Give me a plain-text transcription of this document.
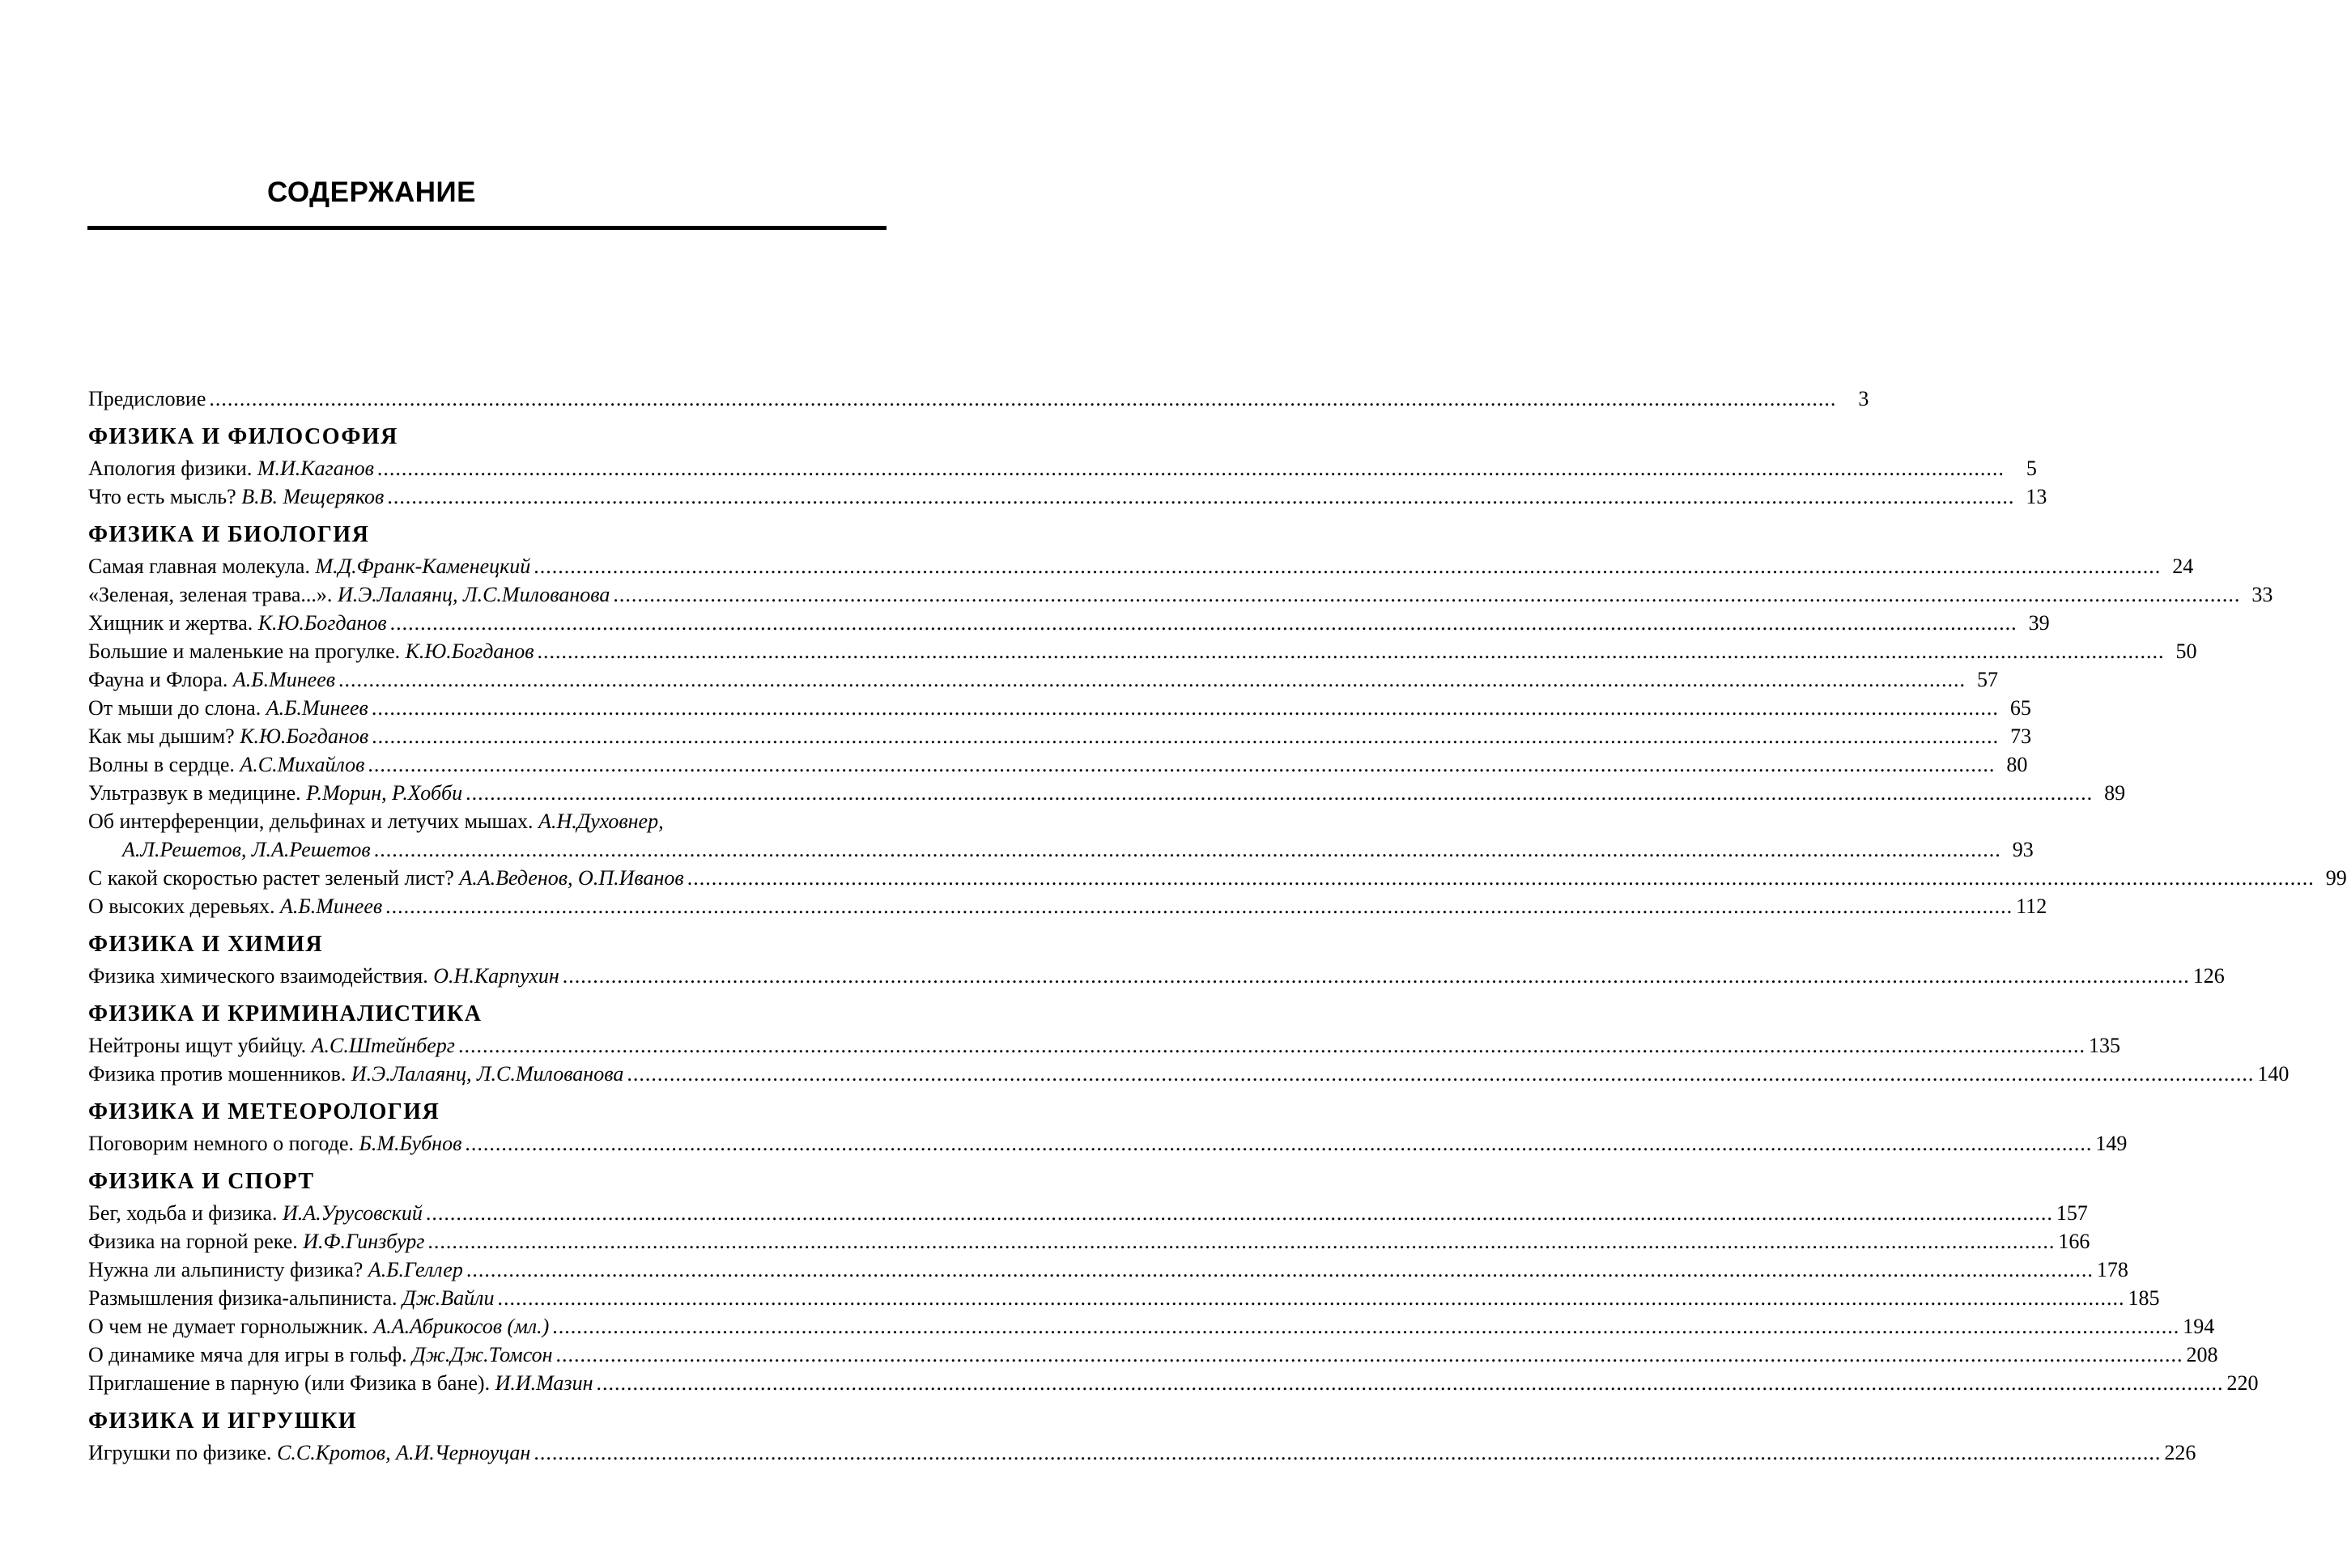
СОДЕРЖАНИЕ
Предисловие .....	3
ФИЗИКА И ФИЛОСОФИЯ
Апология физики. М.И.Каганов .....	5
Что есть мысль? В.В. Мещеряков .....	13
ФИЗИКА И БИОЛОГИЯ
Самая главная молекула. М.Д.Франк-Каменецкий .....	24
«Зеленая, зеленая трава...». И.Э.Лалаянц, Л.С.Милованова .....	33
Хищник и жертва. К.Ю.Богданов .....	39
Большие и маленькие на прогулке. К.Ю.Богданов .....	50
Фауна и Флора. А.Б.Минеев .....	57
От мыши до слона. А.Б.Минеев .....	65
Как мы дышим? К.Ю.Богданов .....	73
Волны в сердце. А.С.Михайлов .....	80
Ультразвук в медицине. Р.Морин, Р.Хобби .....	89
Об интерференции, дельфинах и летучих мышах. А.Н.Духовнер,
А.Л.Решетов, Л.А.Решетов .....	93
С какой скоростью растет зеленый лист? А.А.Веденов, О.П.Иванов .....	99
О высоких деревьях. А.Б.Минеев .....	112
ФИЗИКА И ХИМИЯ
Физика химического взаимодействия. О.Н.Карпухин .....	126
ФИЗИКА И КРИМИНАЛИСТИКА
Нейтроны ищут убийцу. А.С.Штейнберг .....	135
Физика против мошенников. И.Э.Лалаянц, Л.С.Милованова .....	140
ФИЗИКА И МЕТЕОРОЛОГИЯ
Поговорим немного о погоде. Б.М.Бубнов .....	149
ФИЗИКА И СПОРТ
Бег, ходьба и физика. И.А.Урусовский .....	157
Физика на горной реке. И.Ф.Гинзбург .....	166
Нужна ли альпинисту физика? А.Б.Геллер .....	178
Размышления физика-альпиниста. Дж.Вайли .....	185
О чем не думает горнолыжник. А.А.Абрикосов (мл.) .....	194
О динамике мяча для игры в гольф. Дж.Дж.Томсон .....	208
Приглашение в парную (или Физика в бане). И.И.Мазин .....	220
ФИЗИКА И ИГРУШКИ
Игрушки по физике. С.С.Кротов, А.И.Черноуцан .....	226
